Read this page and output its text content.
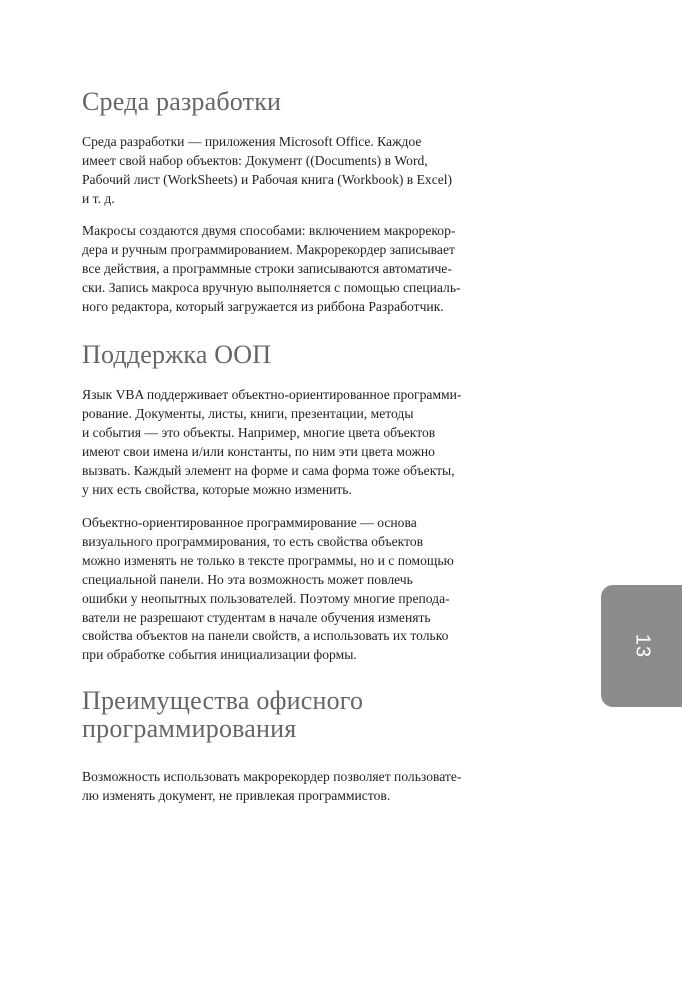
Среда разработки

Среда разработки — приложения Microsoft Office. Каждое
имеет свой набор объектов: Документ ((Documents) в Word,
Рабочий лист (WorkSheets) и Рабочая книга (Workbook) в Excel)
и т. д.

Макросы создаются двумя способами: включением макрорекор-
дера и ручным программированием. Макрорекордер записывает
все действия, а программные строки записываются автоматиче-
ски. Запись макроса вручную выполняется с помощью специаль-
ного редактора, который загружается из риббона Разработчик.

Поддержка ООП

Язык VBA поддерживает объектно-ориентированное программи-
рование. Документы, листы, книги, презентации, методы
и события — это объекты. Например, многие цвета объектов
имеют свои имена и/или константы, по ним эти цвета можно
вызвать. Каждый элемент на форме и сама форма тоже объекты,
у них есть свойства, которые можно изменить.

Объектно-ориентированное программирование — основа
визуального программирования, то есть свойства объектов
можно изменять не только в тексте программы, но и с помощью
специальной панели. Но эта возможность может повлечь
ошибки у неопытных пользователей. Поэтому многие препода-
ватели не разрешают студентам в начале обучения изменять
свойства объектов на панели свойств, а использовать их только
при обработке события инициализации формы.

Преимущества офисного
программирования

Возможность использовать макрорекордер позволяет пользовате-
лю изменять документ, не привлекая программистов.

13
